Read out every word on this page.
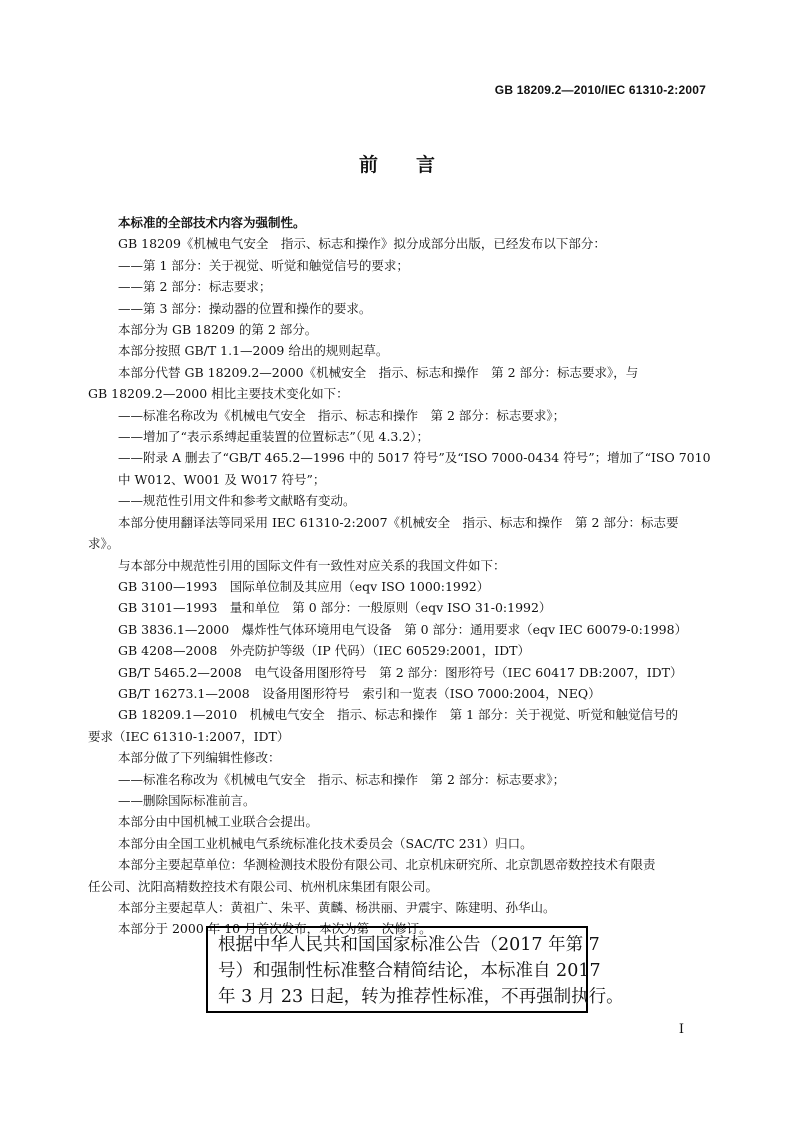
GB 18209.2—2010/IEC 61310-2:2007
前言
本标准的全部技术内容为强制性。
GB 18209《机械电气安全　指示、标志和操作》拟分成部分出版，已经发布以下部分：
——第 1 部分：关于视觉、听觉和触觉信号的要求；
——第 2 部分：标志要求；
——第 3 部分：操动器的位置和操作的要求。
本部分为 GB 18209 的第 2 部分。
本部分按照 GB/T 1.1—2009 给出的规则起草。
本部分代替 GB 18209.2—2000《机械安全　指示、标志和操作　第 2 部分：标志要求》，与
GB 18209.2—2000 相比主要技术变化如下：
——标准名称改为《机械电气安全　指示、标志和操作　第 2 部分：标志要求》；
——增加了“表示系缚起重装置的位置标志”（见 4.3.2）；
——附录 A 删去了“GB/T 465.2—1996 中的 5017 符号”及“ISO 7000-0434 符号”；增加了“ISO 7010
中 W012、W001 及 W017 符号”；
——规范性引用文件和参考文献略有变动。
本部分使用翻译法等同采用 IEC 61310-2:2007《机械安全　指示、标志和操作　第 2 部分：标志要
求》。
与本部分中规范性引用的国际文件有一致性对应关系的我国文件如下：
GB 3100—1993　国际单位制及其应用（eqv ISO 1000:1992）
GB 3101—1993　量和单位　第 0 部分：一般原则（eqv ISO 31-0:1992）
GB 3836.1—2000　爆炸性气体环境用电气设备　第 0 部分：通用要求（eqv IEC 60079-0:1998）
GB 4208—2008　外壳防护等级（IP 代码）（IEC 60529:2001，IDT）
GB/T 5465.2—2008　电气设备用图形符号　第 2 部分：图形符号（IEC 60417 DB:2007，IDT）
GB/T 16273.1—2008　设备用图形符号　索引和一览表（ISO 7000:2004，NEQ）
GB 18209.1—2010　机械电气安全　指示、标志和操作　第 1 部分：关于视觉、听觉和触觉信号的
要求（IEC 61310-1:2007，IDT）
本部分做了下列编辑性修改：
——标准名称改为《机械电气安全　指示、标志和操作　第 2 部分：标志要求》；
——删除国际标准前言。
本部分由中国机械工业联合会提出。
本部分由全国工业机械电气系统标准化技术委员会（SAC/TC 231）归口。
本部分主要起草单位：华测检测技术股份有限公司、北京机床研究所、北京凯恩帝数控技术有限责
任公司、沈阳高精数控技术有限公司、杭州机床集团有限公司。
本部分主要起草人：黄祖广、朱平、黄麟、杨洪丽、尹震宇、陈建明、孙华山。
本部分于 2000 年 10 月首次发布，本次为第一次修订。
根据中华人民共和国国家标准公告（2017 年第 7
号）和强制性标准整合精简结论，本标准自 2017
年 3 月 23 日起，转为推荐性标准，不再强制执行。
I
